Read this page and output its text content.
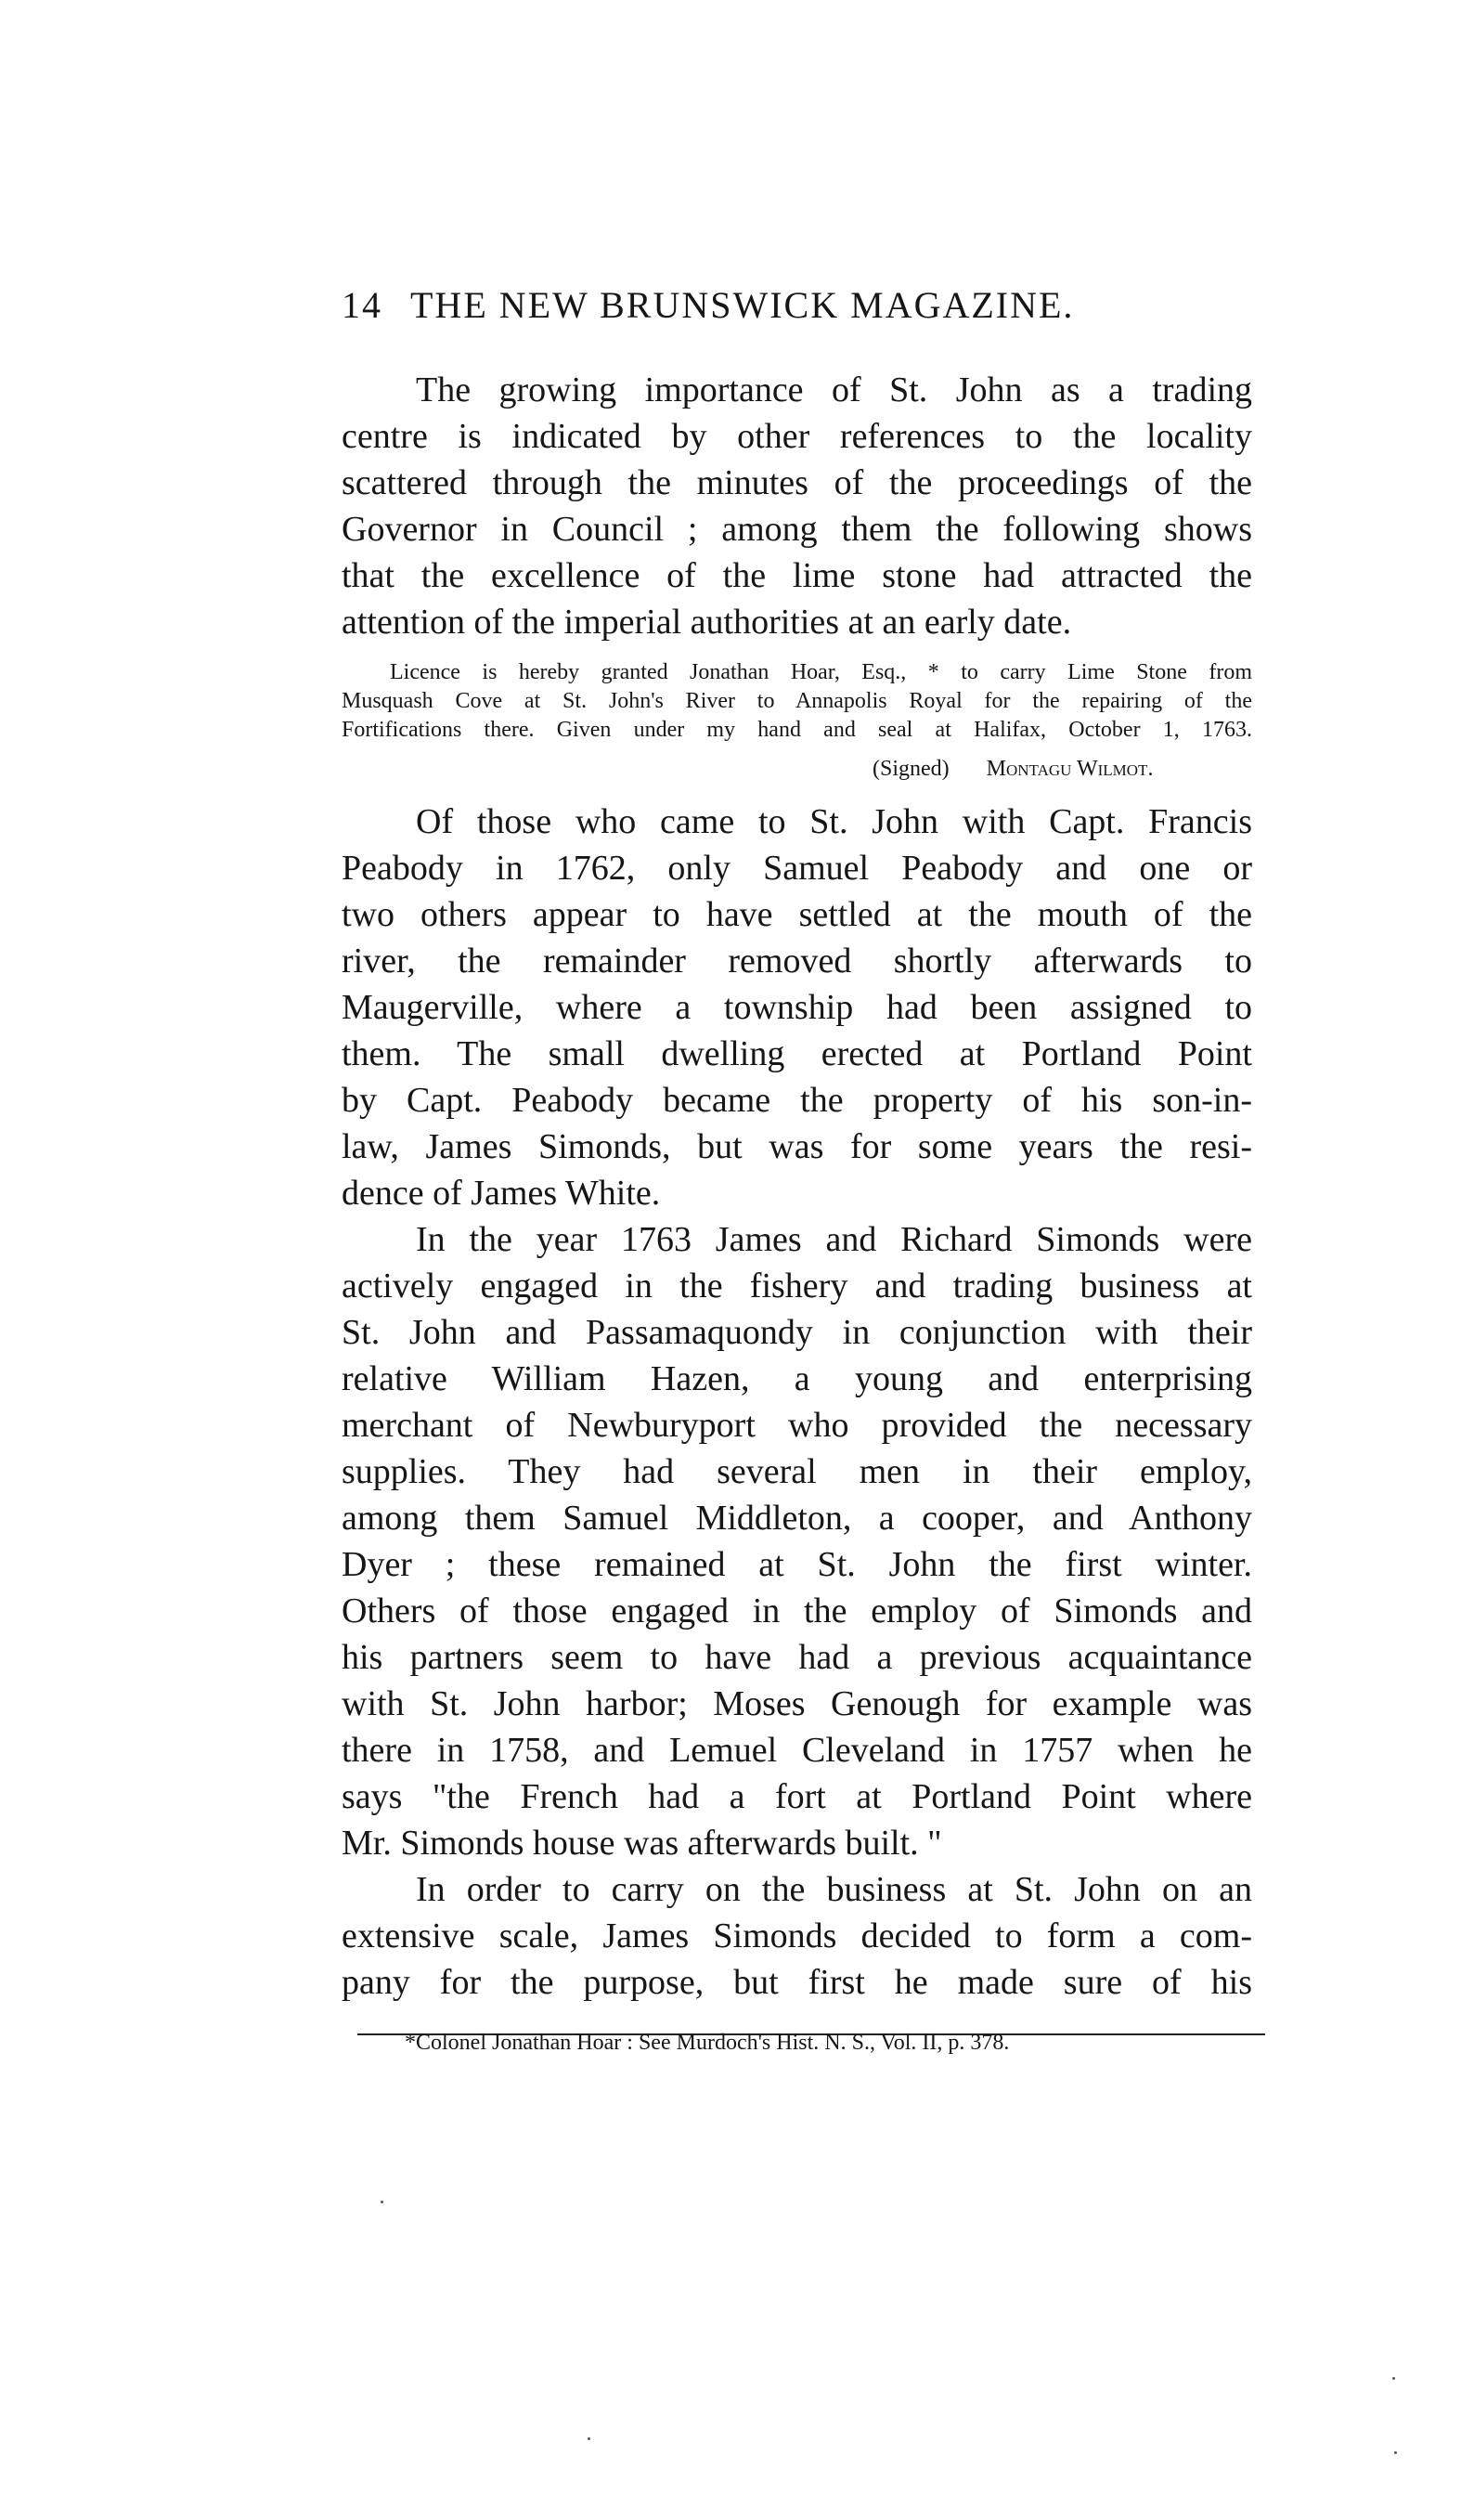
14 THE NEW BRUNSWICK MAGAZINE.
The growing importance of St. John as a trading
centre is indicated by other references to the locality
scattered through the minutes of the proceedings of the
Governor in Council ; among them the following shows
that the excellence of the lime stone had attracted the
attention of the imperial authorities at an early date.
Licence is hereby granted Jonathan Hoar, Esq., * to carry Lime Stone from
Musquash Cove at St. John's River to Annapolis Royal for the repairing of the
Fortifications there. Given under my hand and seal at Halifax, October 1, 1763.
(Signed) Montagu Wilmot.
Of those who came to St. John with Capt. Francis
Peabody in 1762, only Samuel Peabody and one or
two others appear to have settled at the mouth of the
river, the remainder removed shortly afterwards to
Maugerville, where a township had been assigned to
them. The small dwelling erected at Portland Point
by Capt. Peabody became the property of his son-in-
law, James Simonds, but was for some years the resi-
dence of James White.
In the year 1763 James and Richard Simonds were
actively engaged in the fishery and trading business at
St. John and Passamaquondy in conjunction with their
relative William Hazen, a young and enterprising
merchant of Newburyport who provided the necessary
supplies. They had several men in their employ,
among them Samuel Middleton, a cooper, and Anthony
Dyer ; these remained at St. John the first winter.
Others of those engaged in the employ of Simonds and
his partners seem to have had a previous acquaintance
with St. John harbor; Moses Genough for example was
there in 1758, and Lemuel Cleveland in 1757 when he
says "the French had a fort at Portland Point where
Mr. Simonds house was afterwards built. "
In order to carry on the business at St. John on an
extensive scale, James Simonds decided to form a com-
pany for the purpose, but first he made sure of his
*Colonel Jonathan Hoar : See Murdoch's Hist. N. S., Vol. II, p. 378.
